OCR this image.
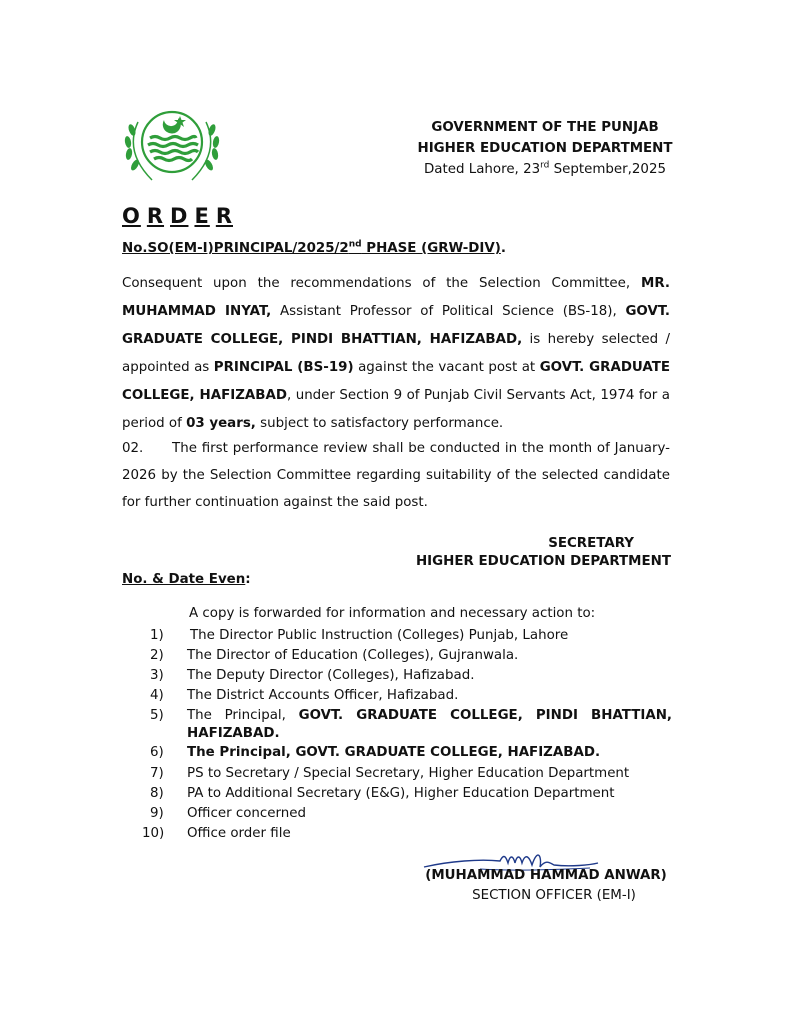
GOVERNMENT OF THE PUNJAB
HIGHER EDUCATION DEPARTMENT
Dated Lahore, 23rd September,2025
O R D E R
No.SO(EM-I)PRINCIPAL/2025/2nd PHASE (GRW-DIV).
Consequent upon the recommendations of the Selection Committee, MR. MUHAMMAD INYAT, Assistant Professor of Political Science (BS-18), GOVT. GRADUATE COLLEGE, PINDI BHATTIAN, HAFIZABAD, is hereby selected / appointed as PRINCIPAL (BS-19) against the vacant post at GOVT. GRADUATE COLLEGE, HAFIZABAD, under Section 9 of Punjab Civil Servants Act, 1974 for a period of 03 years, subject to satisfactory performance.
02. The first performance review shall be conducted in the month of January-2026 by the Selection Committee regarding suitability of the selected candidate for further continuation against the said post.
SECRETARY
HIGHER EDUCATION DEPARTMENT
No. & Date Even:
A copy is forwarded for information and necessary action to:
1)	The Director Public Instruction (Colleges) Punjab, Lahore
2)	The Director of Education (Colleges), Gujranwala.
3)	The Deputy Director (Colleges), Hafizabad.
4)	The District Accounts Officer, Hafizabad.
5)	The Principal, GOVT. GRADUATE COLLEGE, PINDI BHATTIAN,
HAFIZABAD.
6)	The Principal, GOVT. GRADUATE COLLEGE, HAFIZABAD.
7)	PS to Secretary / Special Secretary, Higher Education Department
8)	PA to Additional Secretary (E&G), Higher Education Department
9)	Officer concerned
10)	Office order file
(MUHAMMAD HAMMAD ANWAR)
SECTION OFFICER (EM-I)
